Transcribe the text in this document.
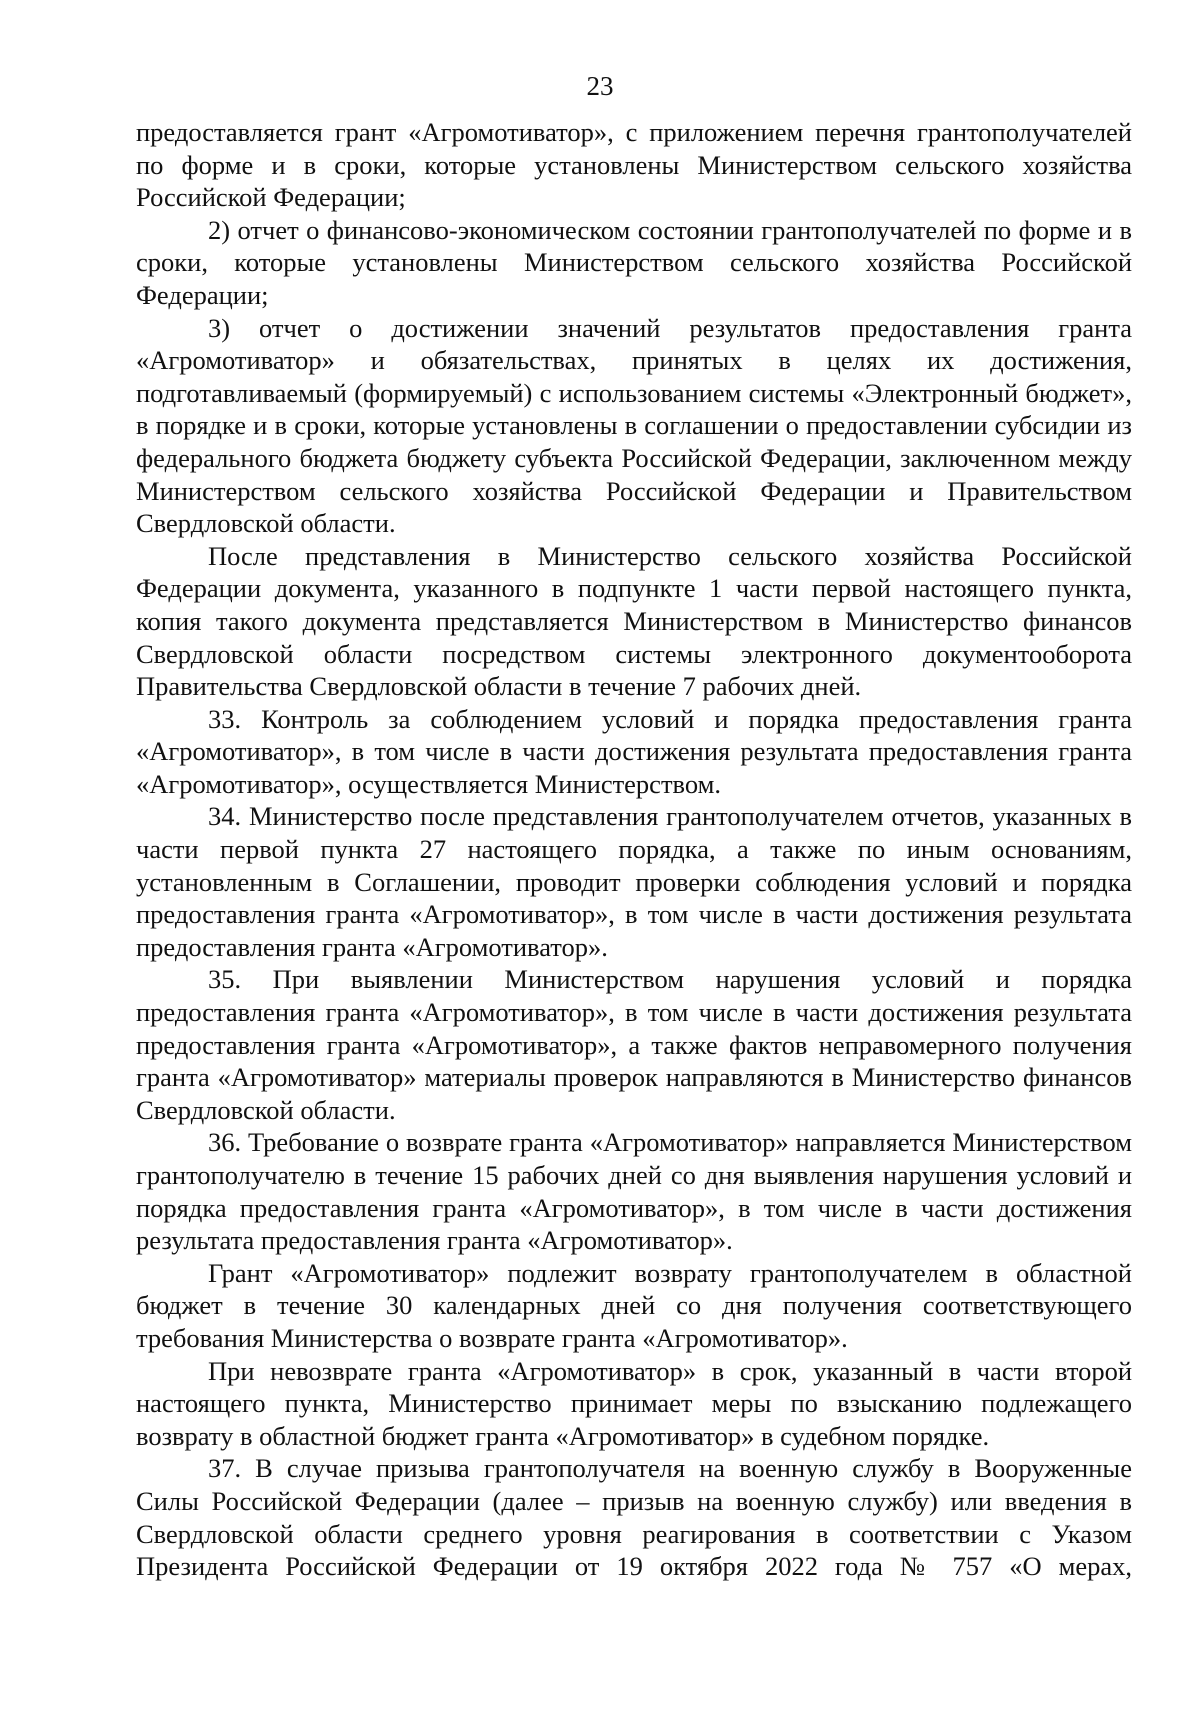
23

предоставляется грант «Агромотиватор», с приложением перечня грантополучателей по форме и в сроки, которые установлены Министерством сельского хозяйства Российской Федерации;

2) отчет о финансово-экономическом состоянии грантополучателей по форме и в сроки, которые установлены Министерством сельского хозяйства Российской Федерации;

3) отчет о достижении значений результатов предоставления гранта «Агромотиватор» и обязательствах, принятых в целях их достижения, подготавливаемый (формируемый) с использованием системы «Электронный бюджет», в порядке и в сроки, которые установлены в соглашении о предоставлении субсидии из федерального бюджета бюджету субъекта Российской Федерации, заключенном между Министерством сельского хозяйства Российской Федерации и Правительством Свердловской области.

После представления в Министерство сельского хозяйства Российской Федерации документа, указанного в подпункте 1 части первой настоящего пункта, копия такого документа представляется Министерством в Министерство финансов Свердловской области посредством системы электронного документооборота Правительства Свердловской области в течение 7 рабочих дней.

33. Контроль за соблюдением условий и порядка предоставления гранта «Агромотиватор», в том числе в части достижения результата предоставления гранта «Агромотиватор», осуществляется Министерством.

34. Министерство после представления грантополучателем отчетов, указанных в части первой пункта 27 настоящего порядка, а также по иным основаниям, установленным в Соглашении, проводит проверки соблюдения условий и порядка предоставления гранта «Агромотиватор», в том числе в части достижения результата предоставления гранта «Агромотиватор».

35. При выявлении Министерством нарушения условий и порядка предоставления гранта «Агромотиватор», в том числе в части достижения результата предоставления гранта «Агромотиватор», а также фактов неправомерного получения гранта «Агромотиватор» материалы проверок направляются в Министерство финансов Свердловской области.

36. Требование о возврате гранта «Агромотиватор» направляется Министерством грантополучателю в течение 15 рабочих дней со дня выявления нарушения условий и порядка предоставления гранта «Агромотиватор», в том числе в части достижения результата предоставления гранта «Агромотиватор».

Грант «Агромотиватор» подлежит возврату грантополучателем в областной бюджет в течение 30 календарных дней со дня получения соответствующего требования Министерства о возврате гранта «Агромотиватор».

При невозврате гранта «Агромотиватор» в срок, указанный в части второй настоящего пункта, Министерство принимает меры по взысканию подлежащего возврату в областной бюджет гранта «Агромотиватор» в судебном порядке.

37. В случае призыва грантополучателя на военную службу в Вооруженные Силы Российской Федерации (далее – призыв на военную службу) или введения в Свердловской области среднего уровня реагирования в соответствии с Указом Президента Российской Федерации от 19 октября 2022 года № 757 «О мерах,
